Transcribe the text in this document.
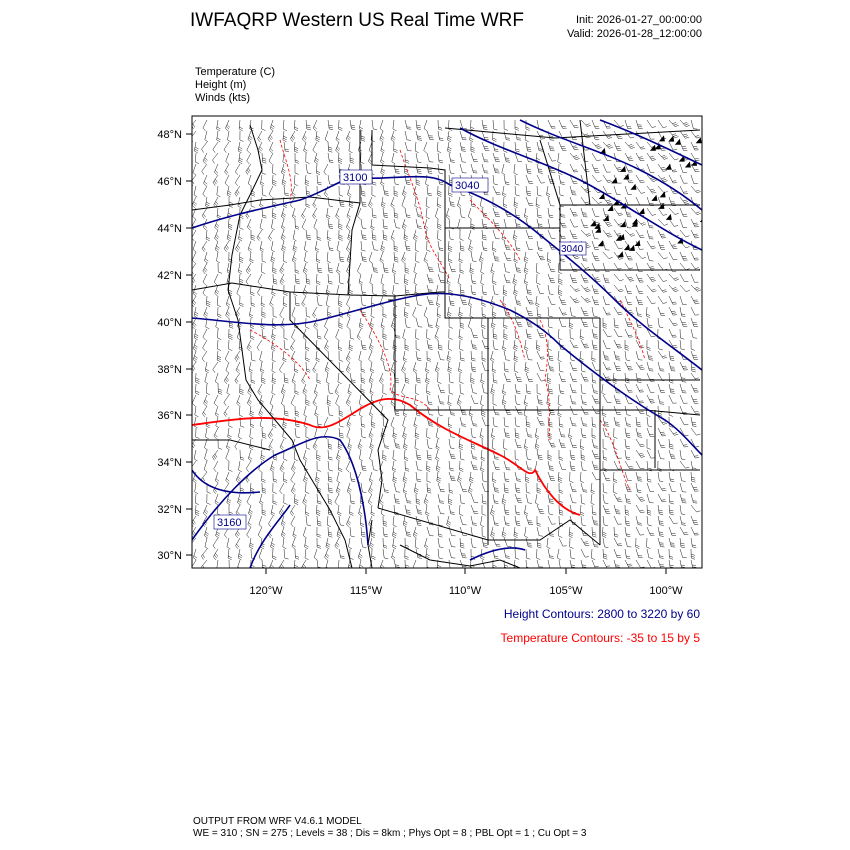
IWFAQRP Western US Real Time WRF	Init: 2026-01-27_00:00:00
Valid: 2026-01-28_12:00:00
Temperature (C)
Height (m)
Winds (kts)
48°N
46°N
44°N
42°N
40°N
38°N
36°N
34°N
32°N
30°N
120°W	115°W	110°W	105°W	100°W
3100
3040
3040
3160
Height Contours: 2800 to 3220 by 60
Temperature Contours: -35 to 15 by 5
OUTPUT FROM WRF V4.6.1 MODEL
WE = 310 ; SN = 275 ; Levels = 38 ; Dis = 8km ; Phys Opt = 8 ; PBL Opt = 1 ; Cu Opt = 3
